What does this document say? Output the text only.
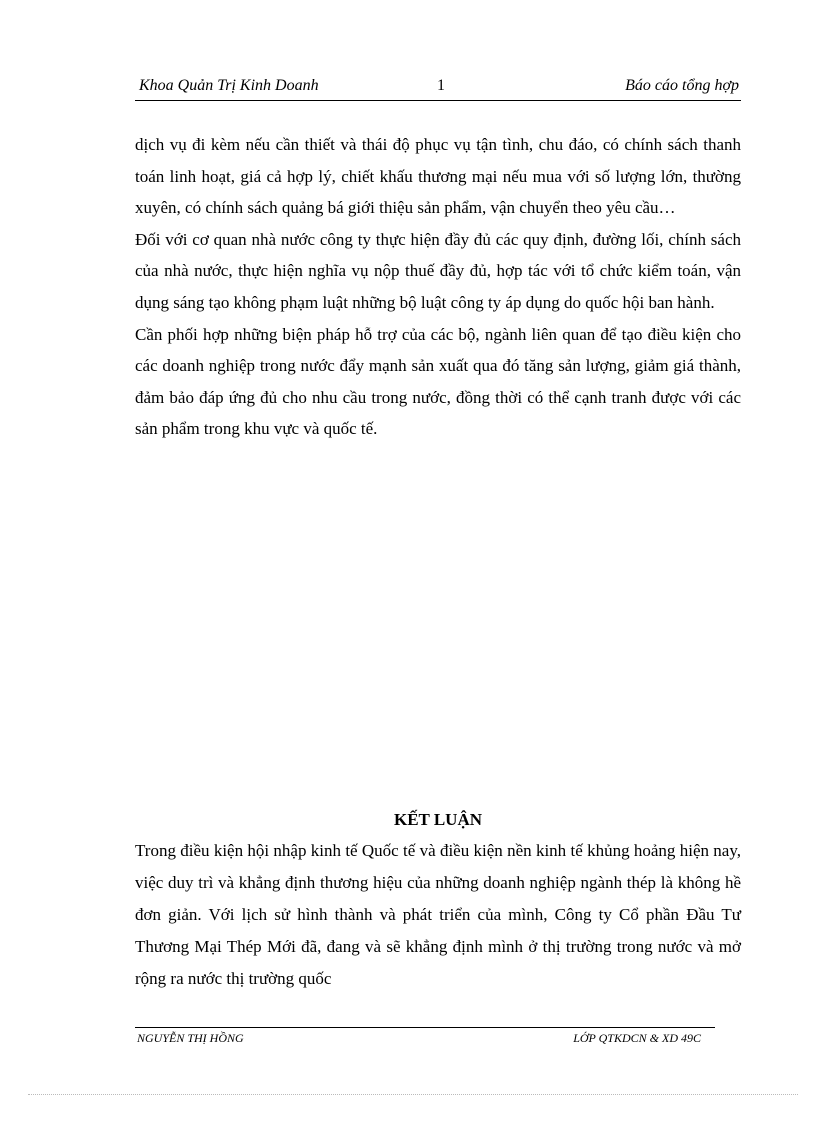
Khoa Quản Trị Kinh Doanh	1	Báo cáo tổng hợp

dịch vụ đi kèm nếu cần thiết và thái độ phục vụ tận tình, chu đáo, có chính sách thanh toán linh hoạt, giá cả hợp lý, chiết khấu thương mại nếu mua với số lượng lớn, thường xuyên, có chính sách quảng bá giới thiệu sản phẩm, vận chuyển theo yêu cầu…

Đối với cơ quan nhà nước công ty thực hiện đầy đủ các quy định, đường lối, chính sách của nhà nước, thực hiện nghĩa vụ nộp thuế đầy đủ, hợp tác với tổ chức kiểm toán, vận dụng sáng tạo không phạm luật những bộ luật công ty áp dụng do quốc hội ban hành.

Cần phối hợp những biện pháp hỗ trợ của các bộ, ngành liên quan để tạo điều kiện cho các doanh nghiệp trong nước đẩy mạnh sản xuất qua đó tăng sản lượng, giảm giá thành, đảm bảo đáp ứng đủ cho nhu cầu trong nước, đồng thời có thể cạnh tranh được với các sản phẩm trong khu vực và quốc tế.

KẾT LUẬN

Trong điều kiện hội nhập kinh tế Quốc tế và điều kiện nền kinh tế khủng hoảng hiện nay, việc duy trì và khẳng định thương hiệu của những doanh nghiệp ngành thép là không hề đơn giản. Với lịch sử hình thành và phát triển của mình, Công ty Cổ phần Đầu Tư Thương Mại Thép Mới đã, đang và sẽ khẳng định mình ở thị trường trong nước và mở rộng ra nước thị trường quốc

NGUYỄN THỊ HỒNG	LỚP QTKDCN & XD 49C
